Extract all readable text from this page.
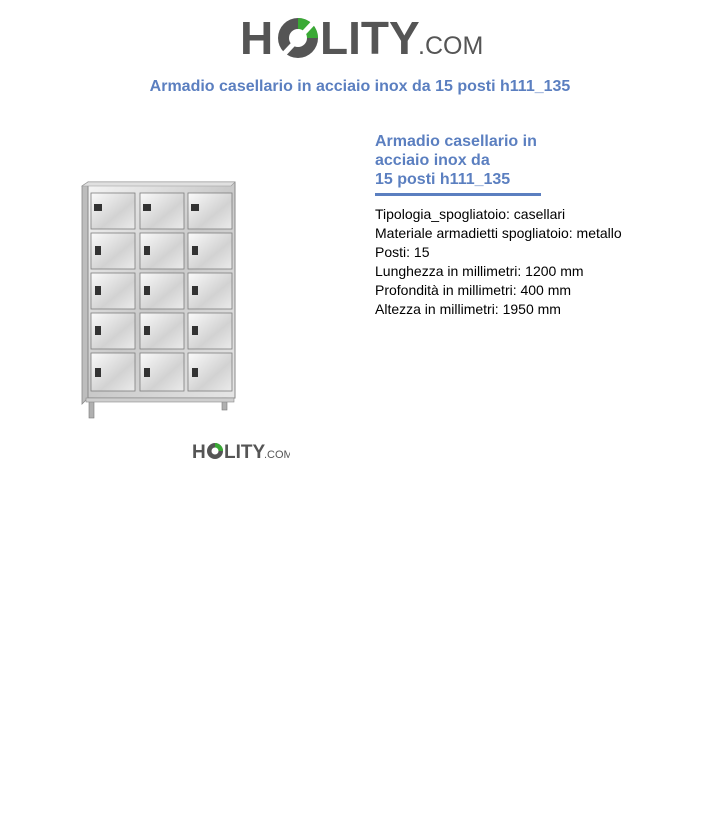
H LITY
.COM
Armadio casellario in acciaio inox da 15 posti h111_135
H LITY
.COM
Armadio casellario in
acciaio inox da
15 posti h111_135
Tipologia_spogliatoio: casellari
Materiale armadietti spogliatoio: metallo
Posti: 15
Lunghezza in millimetri: 1200 mm
Profondità in millimetri: 400 mm
Altezza in millimetri: 1950 mm
